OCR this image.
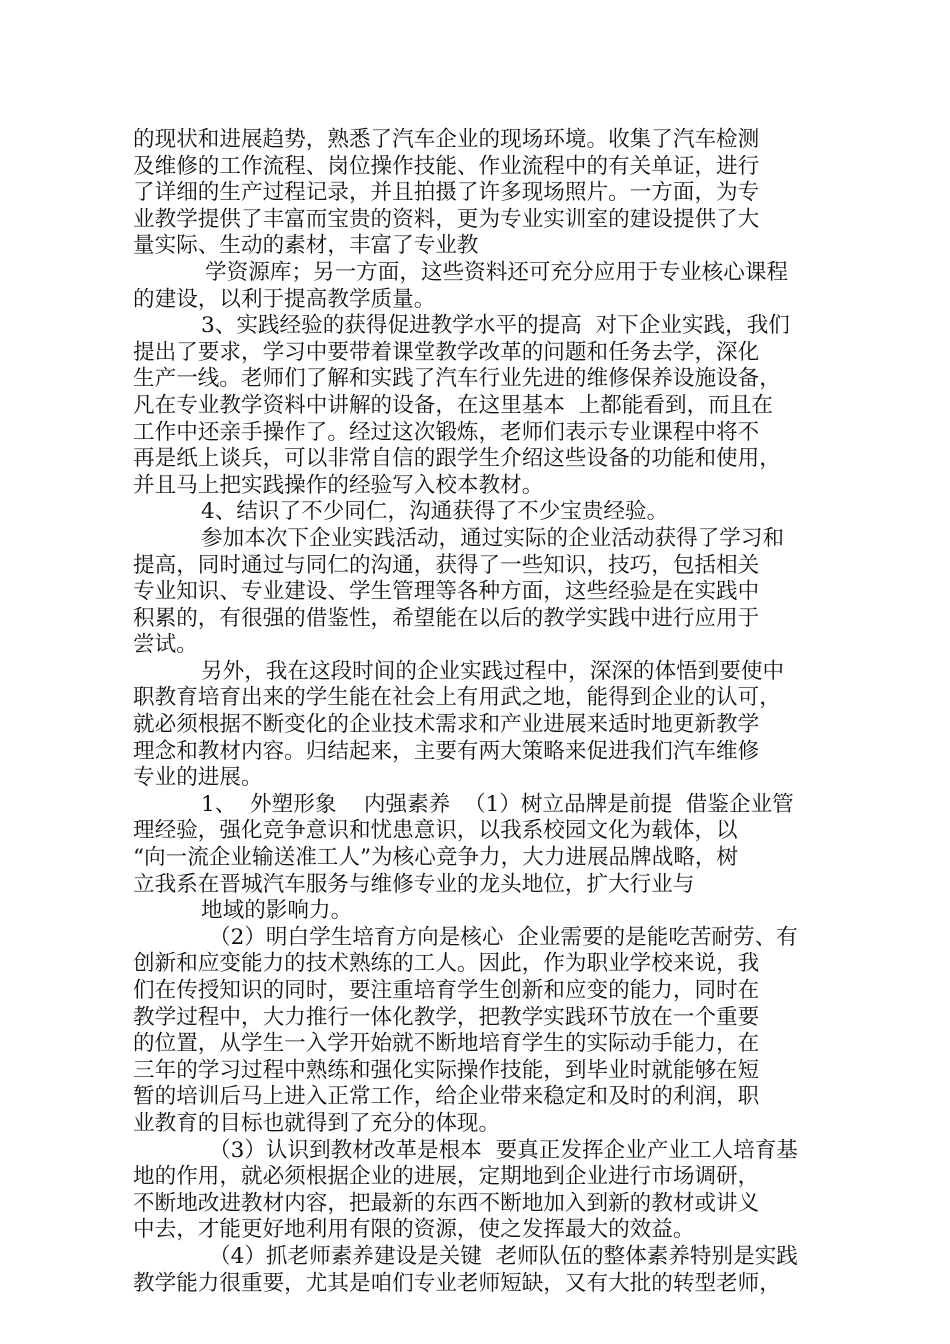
的现状和进展趋势，熟悉了汽车企业的现场环境。收集了汽车检测
及维修的工作流程、岗位操作技能、作业流程中的有关单证，进行
了详细的生产过程记录，并且拍摄了许多现场照片。一方面，为专
业教学提供了丰富而宝贵的资料，更为专业实训室的建设提供了大
量实际、生动的素材，丰富了专业教
学资源库；另一方面，这些资料还可充分应用于专业核心课程
的建设，以利于提高教学质量。
3、实践经验的获得促进教学水平的提高  对下企业实践，我们
提出了要求，学习中要带着课堂教学改革的问题和任务去学，深化
生产一线。老师们了解和实践了汽车行业先进的维修保养设施设备，
凡在专业教学资料中讲解的设备，在这里基本  上都能看到，而且在
工作中还亲手操作了。经过这次锻炼，老师们表示专业课程中将不
再是纸上谈兵，可以非常自信的跟学生介绍这些设备的功能和使用，
并且马上把实践操作的经验写入校本教材。
4、结识了不少同仁，沟通获得了不少宝贵经验。
参加本次下企业实践活动，通过实际的企业活动获得了学习和
提高，同时通过与同仁的沟通，获得了一些知识，技巧，包括相关
专业知识、专业建设、学生管理等各种方面，这些经验是在实践中
积累的，有很强的借鉴性，希望能在以后的教学实践中进行应用于
尝试。
另外，我在这段时间的企业实践过程中，深深的体悟到要使中
职教育培育出来的学生能在社会上有用武之地，能得到企业的认可，
就必须根据不断变化的企业技术需求和产业进展来适时地更新教学
理念和教材内容。归结起来，主要有两大策略来促进我们汽车维修
专业的进展。
1、  外塑形象    内强素养  （1）树立品牌是前提  借鉴企业管
理经验，强化竞争意识和忧患意识，以我系校园文化为载体，以
“向一流企业输送准工人”为核心竞争力，大力进展品牌战略，树
立我系在晋城汽车服务与维修专业的龙头地位，扩大行业与
地域的影响力。
（2）明白学生培育方向是核心  企业需要的是能吃苦耐劳、有
创新和应变能力的技术熟练的工人。因此，作为职业学校来说，我
们在传授知识的同时，要注重培育学生创新和应变的能力，同时在
教学过程中，大力推行一体化教学，把教学实践环节放在一个重要
的位置，从学生一入学开始就不断地培育学生的实际动手能力，在
三年的学习过程中熟练和强化实际操作技能，到毕业时就能够在短
暂的培训后马上进入正常工作，给企业带来稳定和及时的利润，职
业教育的目标也就得到了充分的体现。
（3）认识到教材改革是根本  要真正发挥企业产业工人培育基
地的作用，就必须根据企业的进展，定期地到企业进行市场调研，
不断地改进教材内容，把最新的东西不断地加入到新的教材或讲义
中去，才能更好地利用有限的资源，使之发挥最大的效益。
（4）抓老师素养建设是关键  老师队伍的整体素养特别是实践
教学能力很重要，尤其是咱们专业老师短缺，又有大批的转型老师，
